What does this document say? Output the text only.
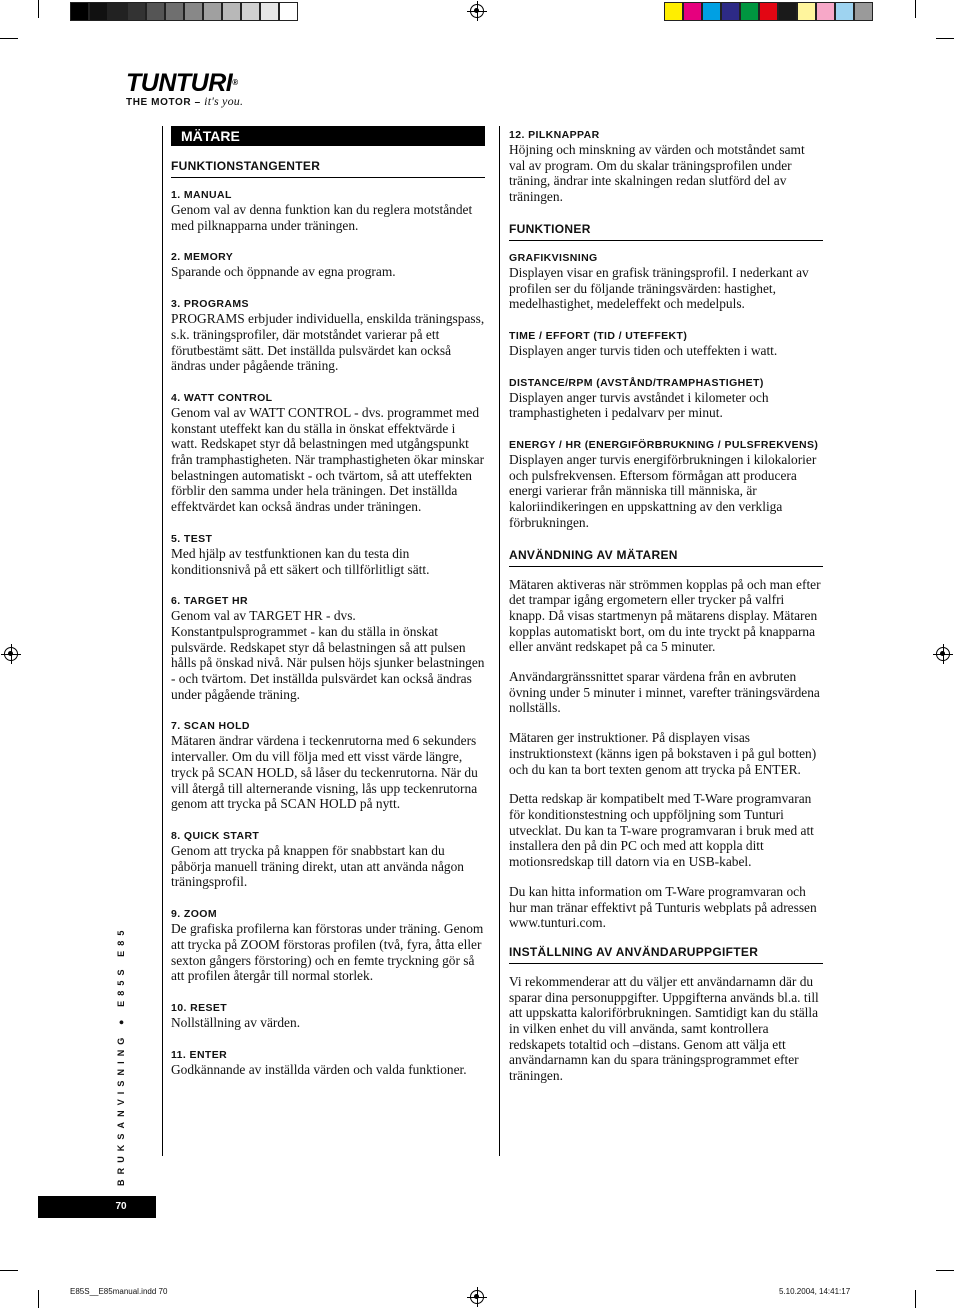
TUNTURI®
THE MOTOR – it's you.
MÄTARE
FUNKTIONSTANGENTER
1. MANUAL
Genom val av denna funktion kan du reglera motståndet med pilknapparna under träningen.
2. MEMORY
Sparande och öppnande av egna program.
3. PROGRAMS
PROGRAMS erbjuder individuella, enskilda träningspass, s.k. träningsprofiler, där motståndet varierar på ett förutbestämt sätt. Det inställda pulsvärdet kan också ändras under pågående träning.
4. WATT CONTROL
Genom val av WATT CONTROL - dvs. programmet med konstant uteffekt kan du ställa in önskat effektvärde i watt. Redskapet styr då belastningen med utgångspunkt från tramphastigheten. När tramphastigheten ökar minskar belastningen automatiskt - och tvärtom, så att uteffekten förblir den samma under hela träningen. Det inställda effektvärdet kan också ändras under träningen.
5. TEST
Med hjälp av testfunktionen kan du testa din konditionsnivå på ett säkert och tillförlitligt sätt.
6. TARGET HR
Genom val av TARGET HR - dvs. Konstantpulsprogrammet - kan du ställa in önskat pulsvärde. Redskapet styr då belastningen så att pulsen hålls på önskad nivå. När pulsen höjs sjunker belastningen - och tvärtom. Det inställda pulsvärdet kan också ändras under pågående träning.
7. SCAN HOLD
Mätaren ändrar värdena i teckenrutorna med 6 sekunders intervaller. Om du vill följa med ett visst värde längre, tryck på SCAN HOLD, så låser du teckenrutorna. När du vill återgå till alternerande visning, lås upp teckenrutorna genom att trycka på SCAN HOLD på nytt.
8. QUICK START
Genom att trycka på knappen för snabbstart kan du påbörja manuell träning direkt, utan att använda någon träningsprofil.
9. ZOOM
De grafiska profilerna kan förstoras under träning. Genom att trycka på ZOOM förstoras profilen (två, fyra, åtta eller sexton gångers förstoring) och en femte tryckning gör så att profilen återgår till normal storlek.
10. RESET
Nollställning av värden.
11. ENTER
Godkännande av inställda värden och valda funktioner.
12. PILKNAPPAR
Höjning och minskning av värden och motståndet samt val av program. Om du skalar träningsprofilen under träning, ändrar inte skalningen redan slutförd del av träningen.
FUNKTIONER
GRAFIKVISNING
Displayen visar en grafisk träningsprofil. I nederkant av profilen ser du följande träningsvärden: hastighet, medelhastighet, medeleffekt och medelpuls.
TIME / EFFORT (TID / UTEFFEKT)
Displayen anger turvis tiden och uteffekten i watt.
DISTANCE/RPM (AVSTÅND/TRAMPHASTIGHET)
Displayen anger turvis avståndet i kilometer och tramphastigheten i pedalvarv per minut.
ENERGY / HR (ENERGIFÖRBRUKNING / PULSFREKVENS)
Displayen anger turvis energiförbrukningen i kilokalorier och pulsfrekvensen. Eftersom förmågan att producera energi varierar från människa till människa, är kaloriindikeringen en uppskattning av den verkliga förbrukningen.
ANVÄNDNING AV MÄTAREN
Mätaren aktiveras när strömmen kopplas på och man efter det trampar igång ergometern eller trycker på valfri knapp. Då visas startmenyn på mätarens display. Mätaren kopplas automatiskt bort, om du inte tryckt på knapparna eller använt redskapet på ca 5 minuter.
Användargränssnittet sparar värdena från en avbruten övning under 5 minuter i minnet, varefter träningsvärdena nollställs.
Mätaren ger instruktioner. På displayen visas instruktionstext (känns igen på bokstaven i på gul botten) och du kan ta bort texten genom att trycka på ENTER.
Detta redskap är kompatibelt med T-Ware programvaran för konditionstestning och uppföljning som Tunturi utvecklat. Du kan ta T-ware programvaran i bruk med att installera den på din PC och med att koppla ditt motionsredskap till datorn via en USB-kabel.
Du kan hitta information om T-Ware programvaran och hur man tränar effektivt på Tunturis webplats på adressen www.tunturi.com.
INSTÄLLNING AV ANVÄNDARUPPGIFTER
Vi rekommenderar att du väljer ett användarnamn där du sparar dina personuppgifter. Uppgifterna används bl.a. till att uppskatta kaloriförbrukningen. Samtidigt kan du ställa in vilken enhet du vill använda, samt kontrollera redskapets totaltid och –distans. Genom att välja ett användarnamn kan du spara träningsprogrammet efter träningen.
BRUKSANVISNING ● E85S E85
70
E85S__E85manual.indd 70	5.10.2004, 14:41:17
